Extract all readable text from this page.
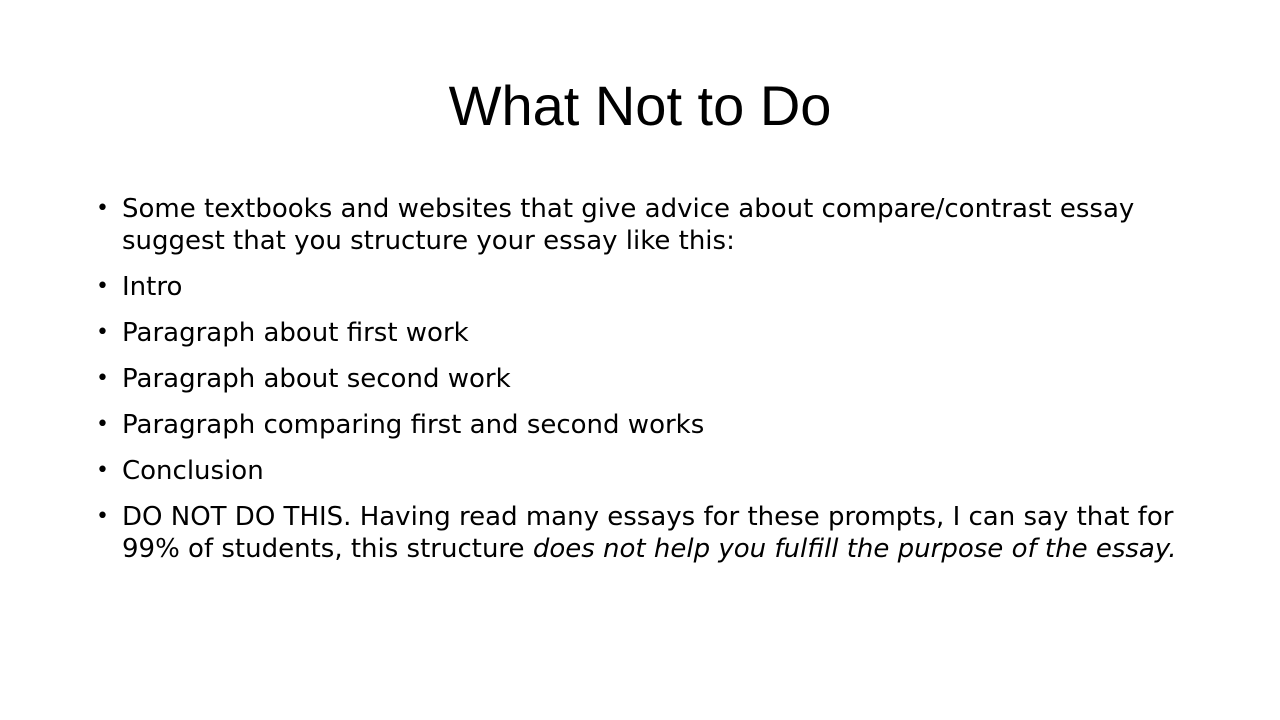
What Not to Do
• Some textbooks and websites that give advice about compare/contrast essay suggest that you structure your essay like this:
• Intro
• Paragraph about first work
• Paragraph about second work
• Paragraph comparing first and second works
• Conclusion
• DO NOT DO THIS. Having read many essays for these prompts, I can say that for 99% of students, this structure does not help you fulfill the purpose of the essay.
